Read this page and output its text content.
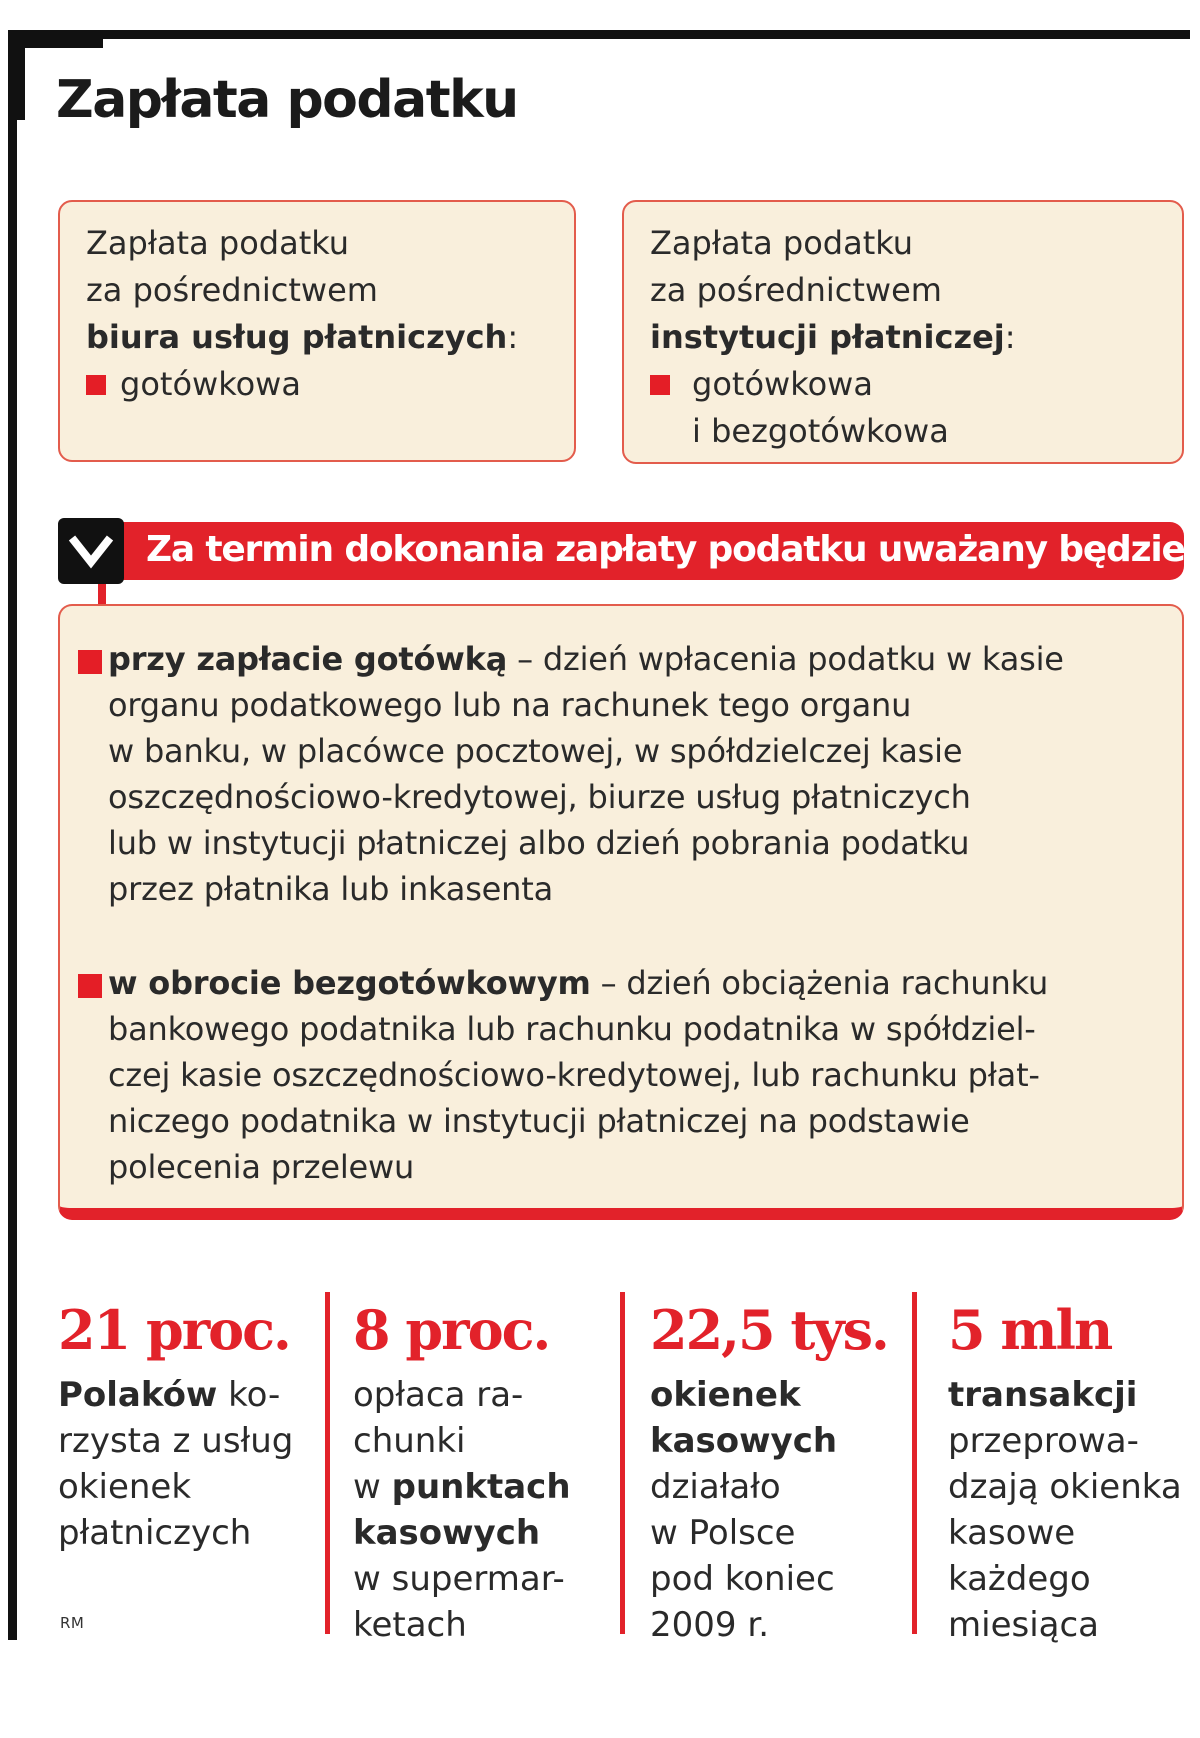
Zapłata podatku
Zapłata podatku
za pośrednictwem
biura usług płatniczych:
gotówkowa
Zapłata podatku
za pośrednictwem
instytucji płatniczej:
gotówkowa
i bezgotówkowa
Za termin dokonania zapłaty podatku uważany będzie:
przy zapłacie gotówką – dzień wpłacenia podatku w kasie
organu podatkowego lub na rachunek tego organu
w banku, w placówce pocztowej, w spółdzielczej kasie
oszczędnościowo-kredytowej, biurze usług płatniczych
lub w instytucji płatniczej albo dzień pobrania podatku
przez płatnika lub inkasenta
w obrocie bezgotówkowym – dzień obciążenia rachunku
bankowego podatnika lub rachunku podatnika w spółdziel-
czej kasie oszczędnościowo-kredytowej, lub rachunku płat-
niczego podatnika w instytucji płatniczej na podstawie
polecenia przelewu
21 proc.
Polaków ko-
rzysta z usług
okienek
płatniczych
8 proc.
opłaca ra-
chunki
w punktach
kasowych
w supermar-
ketach
22,5 tys.
okienek
kasowych
działało
w Polsce
pod koniec
2009 r.
5 mln
transakcji
przeprowa-
dzają okienka
kasowe
każdego
miesiąca
RM
